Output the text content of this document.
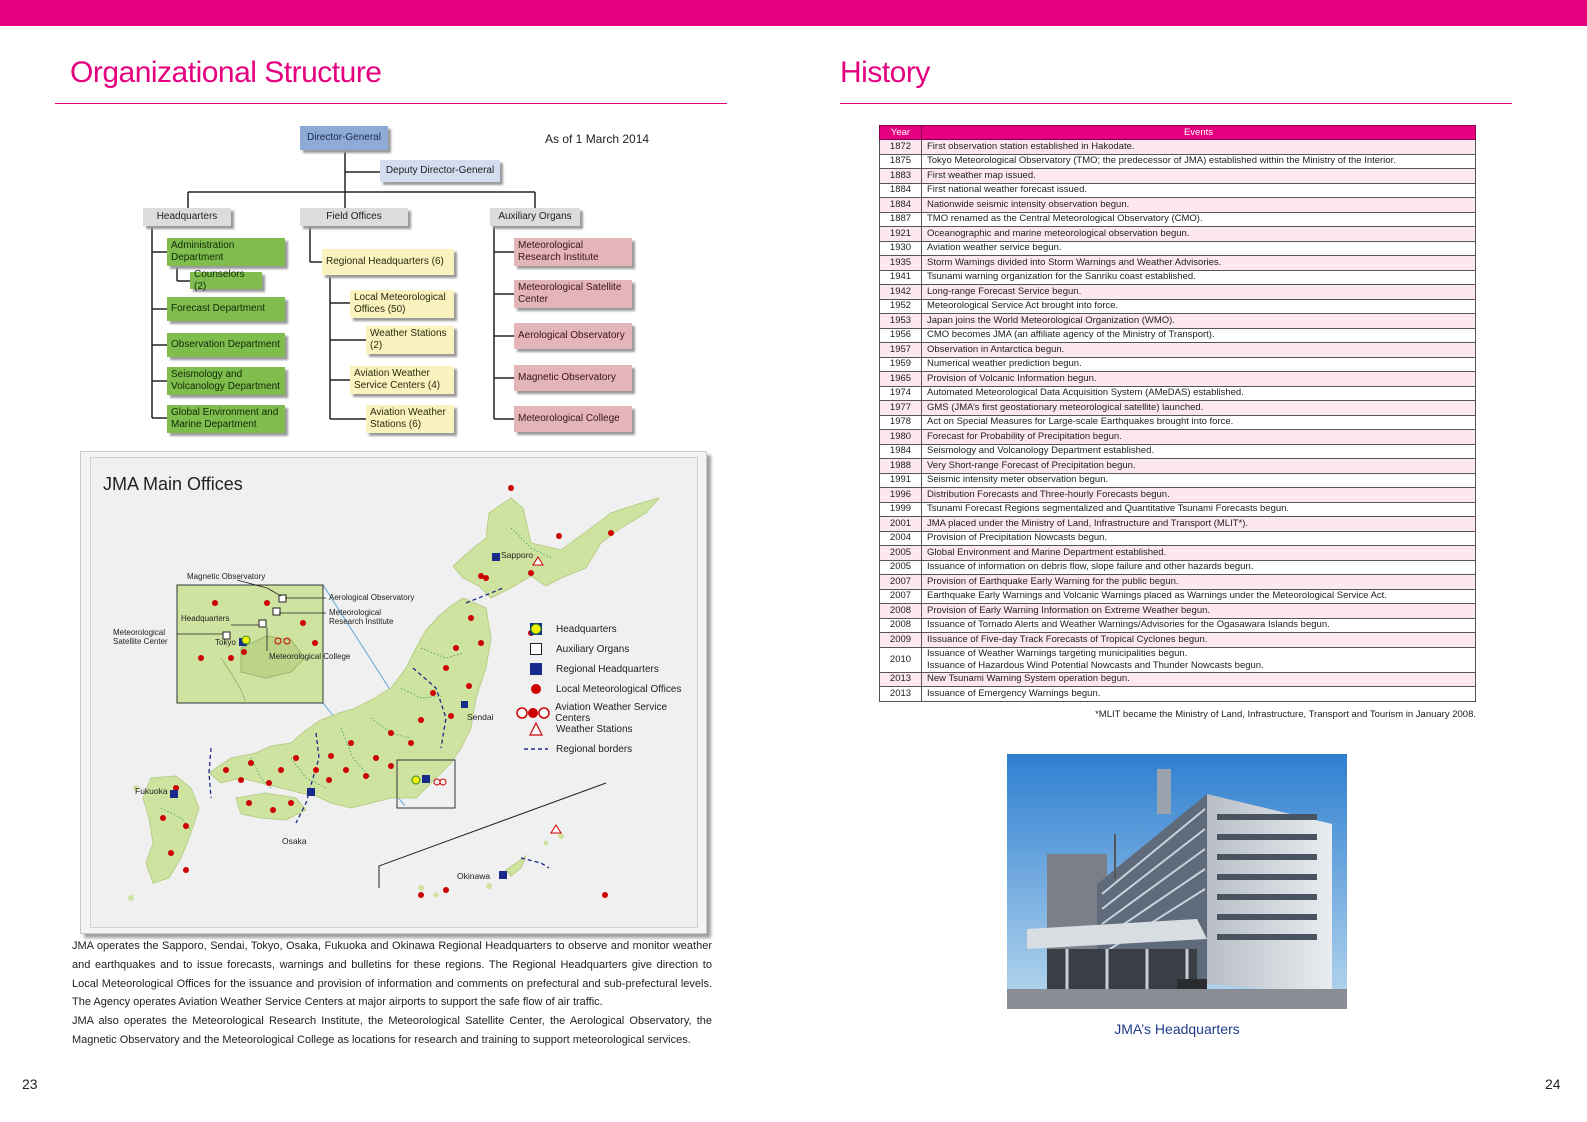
Organizational Structure
As of 1 March 2014
Director-General
Deputy Director-General
Headquarters	Field Offices	Auxiliary Organs
Administration Department
Counselors (2)
Forecast Department
Observation Department
Seismology and Volcanology Department
Global Environment and Marine Department
Regional Headquarters (6)
Local Meteorological Offices (50)
Weather Stations (2)
Aviation Weather Service Centers (4)
Aviation Weather Stations (6)
Meteorological Research Institute
Meteorological Satellite Center
Aerological Observatory
Magnetic Observatory
Meteorological College
JMA Main Offices
Magnetic Observatory
Aerological Observatory
Meteorological Research Institute
Headquarters
Meteorological Satellite Center	Tokyo
Meteorological College
Sapporo
Sendai
Fukuoka
Osaka
Okinawa
Headquarters
Auxiliary Organs
Regional Headquarters
Local Meteorological Offices
Aviation Weather Service Centers
Weather Stations
Regional borders

JMA operates the Sapporo, Sendai, Tokyo, Osaka, Fukuoka and Okinawa Regional Headquarters to observe and monitor weather and earthquakes and to issue forecasts, warnings and bulletins for these regions. The Regional Headquarters give direction to Local Meteorological Offices for the issuance and provision of information and comments on prefectural and sub-prefectural levels. The Agency operates Aviation Weather Service Centers at major airports to support the safe flow of air traffic.

JMA also operates the Meteorological Research Institute, the Meteorological Satellite Center, the Aerological Observatory, the Magnetic Observatory and the Meteorological College as locations for research and training to support meteorological services.

23
History
Year	Events
1872	First observation station established in Hakodate.

1875	Tokyo Meteorological Observatory (TMO; the predecessor of JMA) established within the Ministry of the Interior.

1883	First weather map issued.

1884	First national weather forecast issued.

1884	Nationwide seismic intensity observation begun.

1887	TMO renamed as the Central Meteorological Observatory (CMO).

1921	Oceanographic and marine meteorological observation begun.

1930	Aviation weather service begun.

1935	Storm Warnings divided into Storm Warnings and Weather Advisories.

1941	Tsunami warning organization for the Sanriku coast established.

1942	Long-range Forecast Service begun.

1952	Meteorological Service Act brought into force.

1953	Japan joins the World Meteorological Organization (WMO).

1956	CMO becomes JMA (an affiliate agency of the Ministry of Transport).

1957	Observation in Antarctica begun.

1959	Numerical weather prediction begun.

1965	Provision of Volcanic Information begun.

1974	Automated Meteorological Data Acquisition System (AMeDAS) established.

1977	GMS (JMA’s first geostationary meteorological satellite) launched.

1978	Act on Special Measures for Large-scale Earthquakes brought into force.

1980	Forecast for Probability of Precipitation begun.

1984	Seismology and Volcanology Department established.

1988	Very Short-range Forecast of Precipitation begun.

1991	Seismic intensity meter observation begun.

1996	Distribution Forecasts and Three-hourly Forecasts begun.

1999	Tsunami Forecast Regions segmentalized and Quantitative Tsunami Forecasts begun.

2001	JMA placed under the Ministry of Land, Infrastructure and Transport (MLIT*).

2004	Provision of Precipitation Nowcasts begun.

2005	Global Environment and Marine Department established.

2005	Issuance of information on debris flow, slope failure and other hazards begun.

2007	Provision of Earthquake Early Warning for the public begun.

2007	Earthquake Early Warnings and Volcanic Warnings placed as Warnings under the Meteorological Service Act.

2008	Provision of Early Warning Information on Extreme Weather begun.

2008	Issuance of Tornado Alerts and Weather Warnings/Advisories for the Ogasawara Islands begun.

2009	IIssuance of Five-day Track Forecasts of Tropical Cyclones begun.

2010	Issuance of Weather Warnings targeting municipalities begun.
Issuance of Hazardous Wind Potential Nowcasts and Thunder Nowcasts begun.

2013	New Tsunami Warning System operation begun.

2013	Issuance of Emergency Warnings begun.
*MLIT became the Ministry of Land, Infrastructure, Transport and Tourism in January 2008.
JMA’s Headquarters
24
